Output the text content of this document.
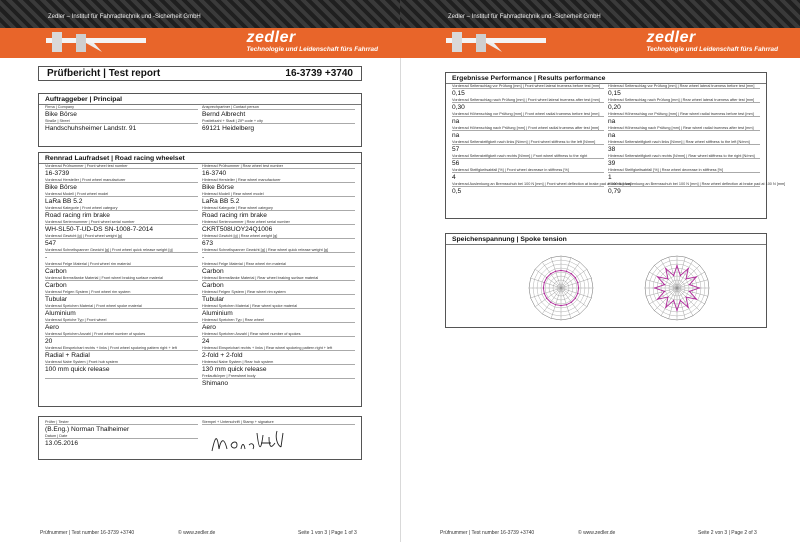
Zedler – Institut für Fahrradtechnik und -Sicherheit GmbH
zedler
Technologie und Leidenschaft fürs Fahrrad
Prüfbericht | Test report	16-3739 +3740
Auftraggeber | Principal
Firma | Company
Bike Börse
Ansprechpartner | Contact person
Bernd Albrecht
Straße | Street
Handschuhsheimer Landstr. 91
Postleitzahl + Stadt | ZIP code + city
69121 Heidelberg
Rennrad Laufradset | Road racing wheelset
Vorderrad Prüfnummer | Front wheel test number
16-3739
Hinterrad Prüfnummer | Rear wheel test number
16-3740
Vorderrad Hersteller | Front wheel manufacturer
Bike Börse
Hinterrad Hersteller | Rear wheel manufacturer
Bike Börse
Vorderrad Modell | Front wheel model
LaRa BB 5.2
Hinterrad Modell | Rear wheel model
LaRa BB 5.2
Vorderrad Kategorie | Front wheel category
Road racing rim brake
Hinterrad Kategorie | Rear wheel category
Road racing rim brake
Vorderrad Seriennummer | Front wheel serial number
WH-SL50-T-UD-DS SN-1008-7-2014
Hinterrad Seriennummer | Rear wheel serial number
CKRT508UOY24Q1006
Vorderrad Gewicht [g] | Front wheel weight [g]
547
Hinterrad Gewicht [g] | Rear wheel weight [g]
673
Vorderrad Schnellspanner Gewicht [g] | Front wheel quick release weight [g]
-
Hinterrad Schnellspanner Gewicht [g] | Rear wheel quick release weight [g]
-
Vorderrad Felge Material | Front wheel rim material
Carbon
Hinterrad Felge Material | Rear wheel rim material
Carbon
Vorderrad Bremsflanke Material | Front wheel braking surface material
Carbon
Hinterrad Bremsflanke Material | Rear wheel braking surface material
Carbon
Vorderrad Felgen System | Front wheel rim system
Tubular
Hinterrad Felgen System | Rear wheel rim system
Tubular
Vorderrad Speichen Material | Front wheel spoke material
Aluminium
Hinterrad Speichen Material | Rear wheel spoke material
Aluminium
Vorderrad Speiche Typ | Front wheel
Aero
Hinterrad Speichen Typ | Rear wheel
Aero
Vorderrad Speichen Anzahl | Front wheel number of spokes
20
Hinterrad Speichen Anzahl | Rear wheel number of spokes
24
Vorderrad Einspeichart rechts + links | Front wheel spokeing pattern right + left
Radial + Radial
Hinterrad Einspeichart rechts + links | Rear wheel spokeing pattern right + left
2-fold + 2-fold
Vorderrad Nabe System | Front hub system
100 mm quick release
Hinterrad Nabe System | Rear hub system
130 mm quick release
Freilaufkörper | Freewheel body
Shimano
Prüfer | Tester
(B.Eng.) Norman Thalheimer
Stempel + Unterschrift | Stamp + signature
Datum | Date
13.05.2016
Prüfnummer | Test number 16-3739 +3740	© www.zedler.de	Seite 1 von 3 | Page 1 of 3
Zedler – Institut für Fahrradtechnik und -Sicherheit GmbH
zedler
Technologie und Leidenschaft fürs Fahrrad
Prüfnummer | Test number 16-3739 +3740	© www.zedler.de	Seite 2 von 3 | Page 2 of 3
Ergebnisse Performance | Results performance
Vorderrad Seitenschlag vor Prüfung [mm] | Front wheel lateral trueness before test [mm]
0,15
Hinterrad Seitenschlag vor Prüfung [mm] | Rear wheel lateral trueness before test [mm]
0,15
Vorderrad Seitenschlag nach Prüfung [mm] | Front wheel lateral trueness after test [mm]
0,30
Hinterrad Seitenschlag nach Prüfung [mm] | Rear wheel lateral trueness after test [mm]
0,20
Vorderrad Höhenschlag vor Prüfung [mm] | Front wheel radial trueness before test [mm]
na
Hinterrad Höhenschlag vor Prüfung [mm] | Rear wheel radial trueness before test [mm]
na
Vorderrad Höhenschlag nach Prüfung [mm] | Front wheel radial trueness after test [mm]
na
Hinterrad Höhenschlag nach Prüfung [mm] | Rear wheel radial trueness after test [mm]
na
Vorderrad Seitensteifigkeit nach links [N/mm] | Front wheel stiffness to the left [N/mm]
57
Hinterrad Seitensteifigkeit nach links [N/mm] | Rear wheel stiffness to the left [N/mm]
38
Vorderrad Seitensteifigkeit nach rechts [N/mm] | Front wheel stiffness to the right
56
Hinterrad Seitensteifigkeit nach rechts [N/mm] | Rear wheel stiffness to the right [N/mm]
39
Vorderrad Steifigkeitsabfall [%] | Front wheel decrease in stiffness [%]
4
Hinterrad Steifigkeitsabfall [%] | Rear wheel decrease in stiffness [%]
1
Vorderrad Auslenkung an Bremsschuh bei 100 N [mm] | Front wheel deflection at brake pad at 100 N [mm]
0,5
Hinterrad Auslenkung an Bremsschuh bei 100 N [mm] | Rear wheel deflection at brake pad at 100 N [mm]
0,79
Speichenspannung | Spoke tension
